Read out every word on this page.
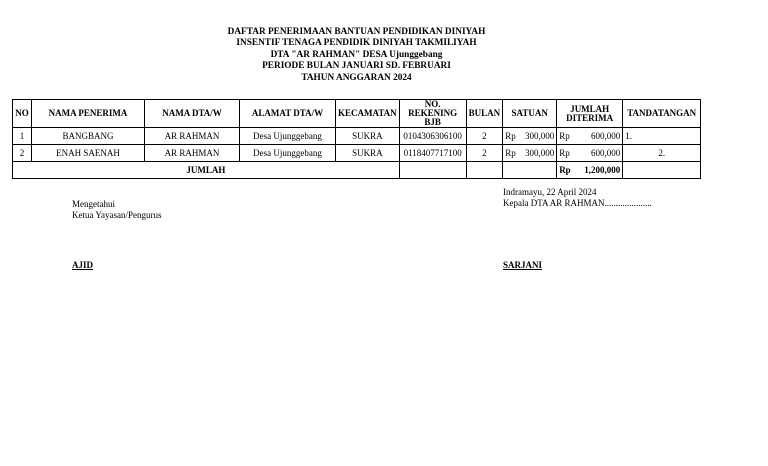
DAFTAR PENERIMAAN BANTUAN PENDIDIKAN DINIYAH
INSENTIF TENAGA PENDIDIK DINIYAH TAKMILIYAH
DTA "AR RAHMAN" DESA Ujunggebang
PERIODE BULAN JANUARI SD. FEBRUARI
TAHUN ANGGARAN 2024
NO	NAMA PENERIMA	NAMA DTA/W	ALAMAT DTA/W	KECAMATAN	NO. REKENING BJB	BULAN	SATUAN	JUMLAH DITERIMA	TANDATANGAN
1	BANGBANG	AR RAHMAN	Desa Ujunggebang	SUKRA	0104306306100	2	Rp 300,000	Rp 600,000	1.
2	ENAH SAENAH	AR RAHMAN	Desa Ujunggebang	SUKRA	0118407717100	2	Rp 300,000	Rp 600,000	2.
JUMLAH								Rp 1,200,000	

Mengetahui
Ketua Yayasan/Pengurus
Indramayu, 22 April 2024
Kepala DTA AR RAHMAN.....................
AJID	SARJANI
